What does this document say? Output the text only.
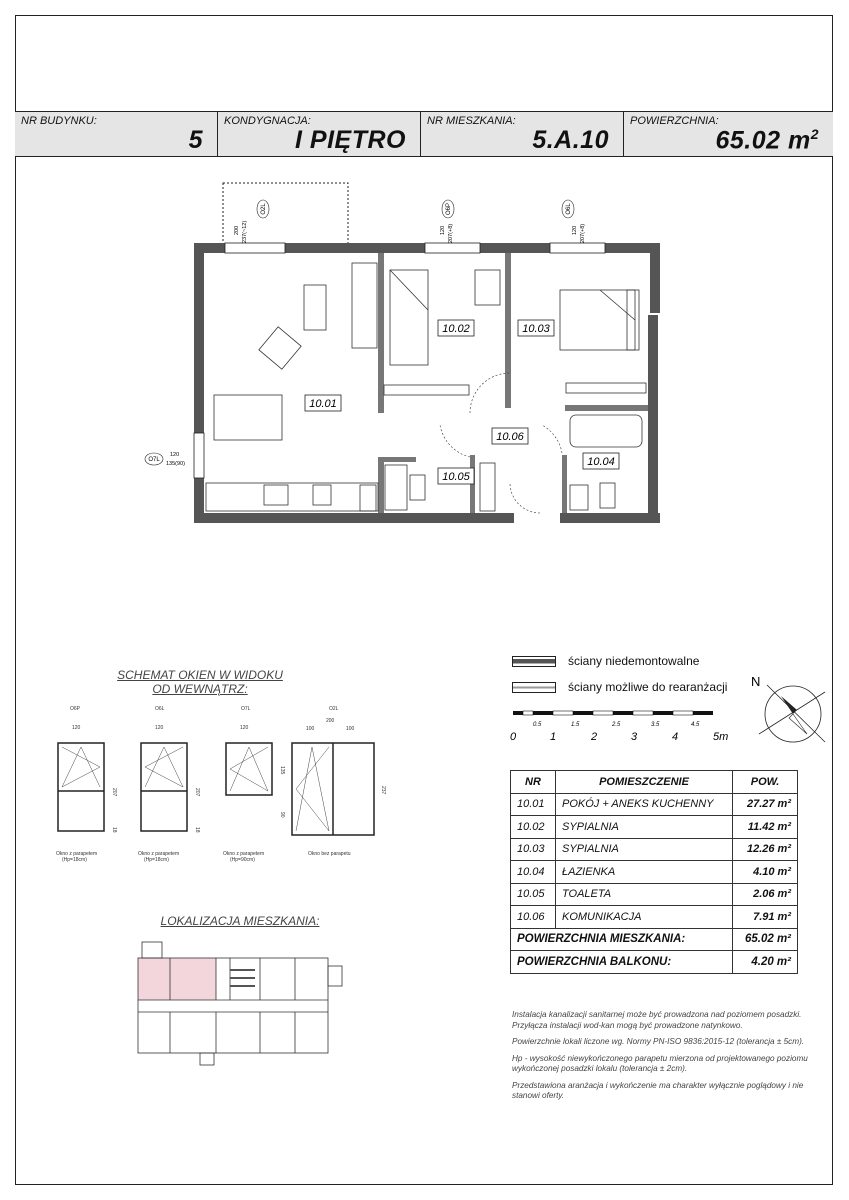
NR BUDYNKU:
5
KONDYGNACJA:
I PIĘTRO
NR MIESZKANIA:
5.A.10
POWIERZCHNIA:
65.02 $m^2$
10.01
10.02	10.03
10.04
10.05
10.06
O2L	O6P	O6L
O7L
200 237(~12)	120 207(+8)	120 207(+8)
120
135(90)
ściany niedemontowalne
ściany możliwe do rearanżacji
0.5	1.5	2.5	3.5	4.5
0	1	2	3	4	5m
N
SCHEMAT OKIEN W WIDOKU
OD WEWNĄTRZ:
O6P
120
207
18
Okno z parapetem
(Hp=18cm)
O6L
120
207
18
Okno z parapetem
(Hp=18cm)
O7L
120
135
90
Okno z parapetem
(Hp=90cm)
O2L
200
100	100
237
Okno bez parapetu
LOKALIZACJA MIESZKANIA:
NR	POMIESZCZENIE	POW.
10.01	POKÓJ + ANEKS KUCHENNY	27.27 m²
10.02	SYPIALNIA	11.42 m²
10.03	SYPIALNIA	12.26 m²
10.04	ŁAZIENKA	4.10 m²
10.05	TOALETA	2.06 m²
10.06	KOMUNIKACJA	7.91 m²
POWIERZCHNIA MIESZKANIA:		65.02 m²
POWIERZCHNIA BALKONU:		4.20 m²

Instalacja kanalizacji sanitarnej może być prowadzona nad poziomem posadzki. Przyłącza instalacji wod-kan mogą być prowadzone natynkowo.

Powierzchnie lokali liczone wg. Normy PN-ISO 9836:2015-12 (tolerancja ± 5cm).

Hp - wysokość niewykończonego parapetu mierzona od projektowanego poziomu wykończonej posadzki lokalu (tolerancja ± 2cm).

Przedstawiona aranżacja i wykończenie ma charakter wyłącznie poglądowy i nie stanowi oferty.
